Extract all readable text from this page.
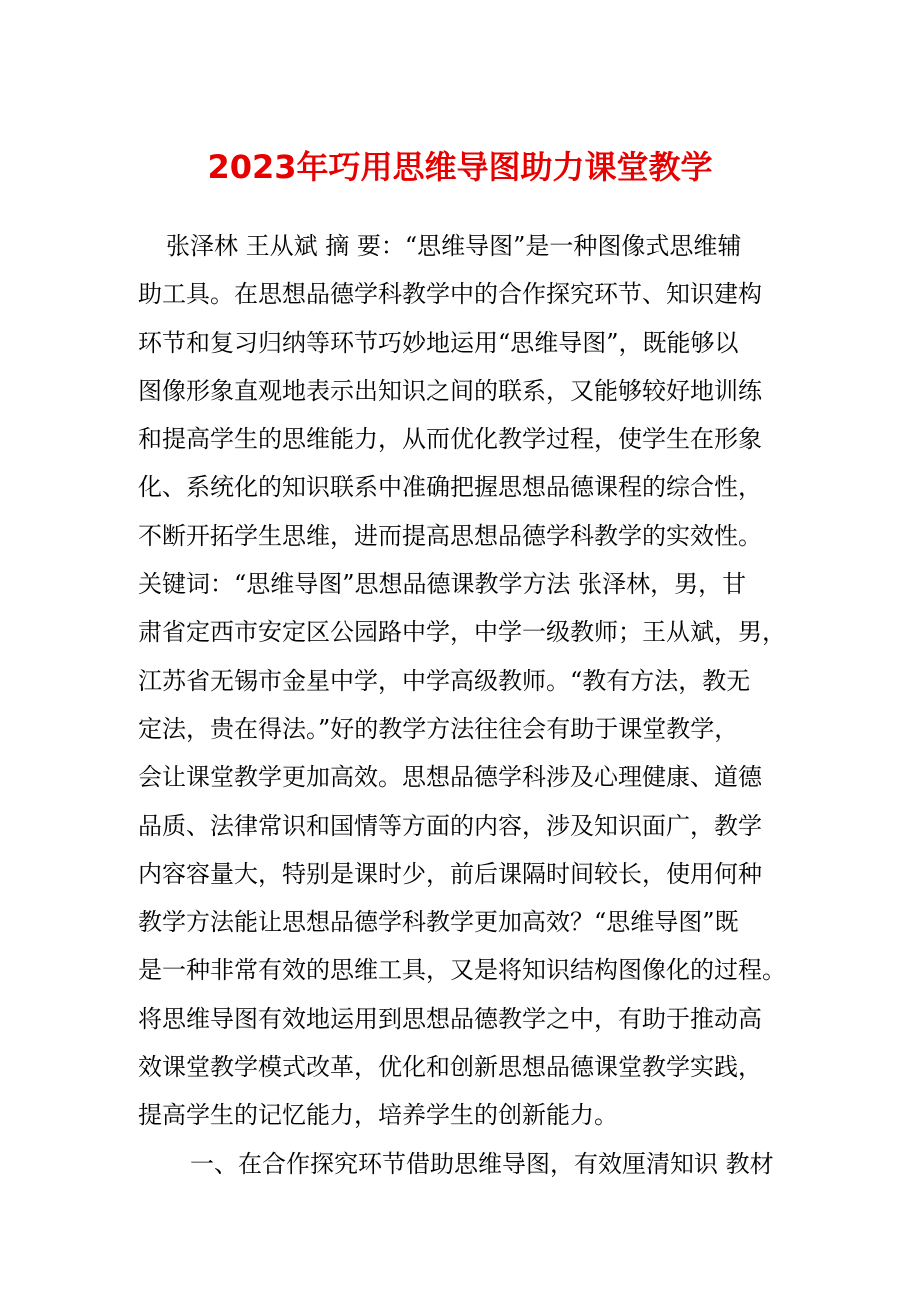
2023年巧用思维导图助力课堂教学
张泽林 王从斌 摘 要：“思维导图”是一种图像式思维辅
助工具。在思想品德学科教学中的合作探究环节、知识建构
环节和复习归纳等环节巧妙地运用“思维导图”，既能够以
图像形象直观地表示出知识之间的联系，又能够较好地训练
和提高学生的思维能力，从而优化教学过程，使学生在形象
化、系统化的知识联系中准确把握思想品德课程的综合性，
不断开拓学生思维，进而提高思想品德学科教学的实效性。
关键词：“思维导图”思想品德课教学方法 张泽林，男，甘
肃省定西市安定区公园路中学，中学一级教师；王从斌，男，
江苏省无锡市金星中学，中学高级教师。“教有方法，教无
定法，贵在得法。”好的教学方法往往会有助于课堂教学，
会让课堂教学更加高效。思想品德学科涉及心理健康、道德
品质、法律常识和国情等方面的内容，涉及知识面广，教学
内容容量大，特别是课时少，前后课隔时间较长，使用何种
教学方法能让思想品德学科教学更加高效？“思维导图”既
是一种非常有效的思维工具，又是将知识结构图像化的过程。
将思维导图有效地运用到思想品德教学之中，有助于推动高
效课堂教学模式改革，优化和创新思想品德课堂教学实践，
提高学生的记忆能力，培养学生的创新能力。
一、在合作探究环节借助思维导图，有效厘清知识 教材
